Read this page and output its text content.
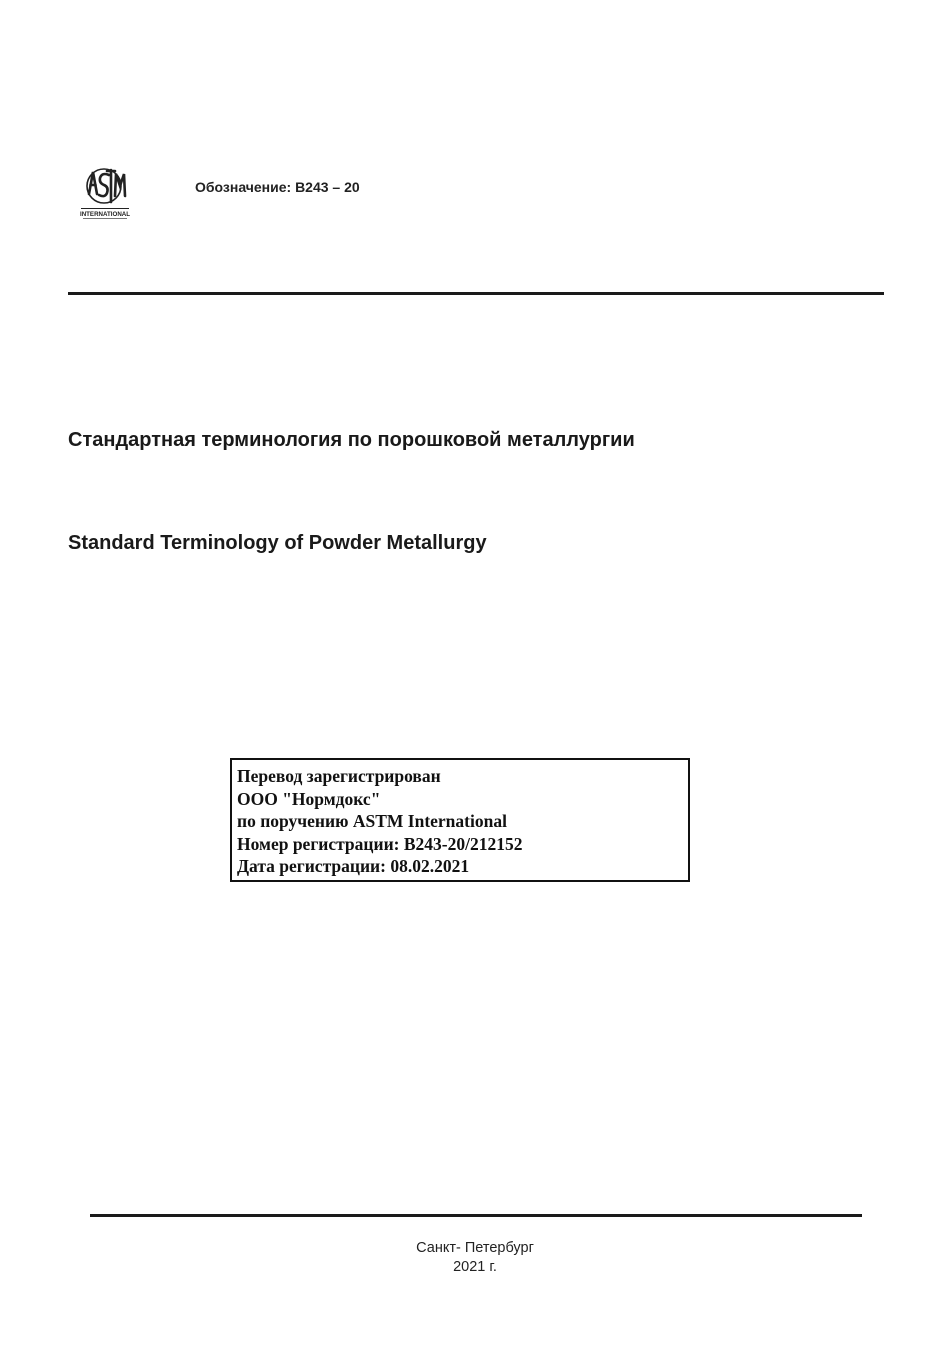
INTERNATIONAL
Обозначение: B243 – 20
Стандартная терминология по порошковой металлургии
Standard Terminology of Powder Metallurgy
Перевод зарегистрирован
ООО "Нормдокс"
по поручению ASTM International
Номер регистрации: B243-20/212152
Дата регистрации: 08.02.2021
Санкт- Петербург
2021 г.
